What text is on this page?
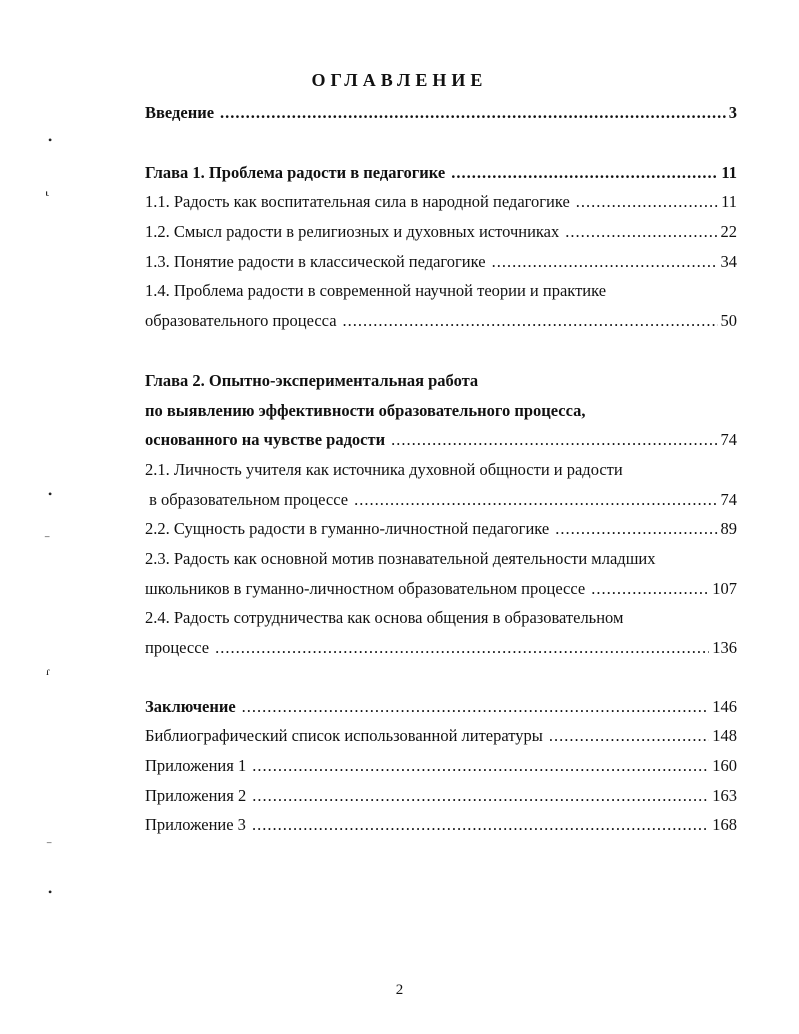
ОГЛАВЛЕНИЕ
Введение .....	3
Глава 1. Проблема радости в педагогике .....	11
1.1. Радость как воспитательная сила в народной педагогике .....	11
1.2. Смысл радости в религиозных и духовных источниках .....	22
1.3. Понятие радости в классической педагогике .....	34
1.4. Проблема радости в современной научной теории и практике
образовательного процесса .....	50
Глава 2. Опытно-экспериментальная работа
по выявлению эффективности образовательного процесса,
основанного на чувстве радости .....	74
2.1. Личность учителя как источника духовной общности и радости
в образовательном процессе .....	74
2.2. Сущность радости в гуманно-личностной педагогике .....	89
2.3. Радость как основной мотив познавательной деятельности младших
школьников в гуманно-личностном образовательном процессе .....	107
2.4. Радость сотрудничества как основа общения в образовательном
процессе .....	136
Заключение .....	146
Библиографический список использованной литературы .....	148
Приложения 1 .....	160
Приложения 2 .....	163
Приложение 3 .....	168
•
⸤
•
⁻
ɾ
⁻
•
2
